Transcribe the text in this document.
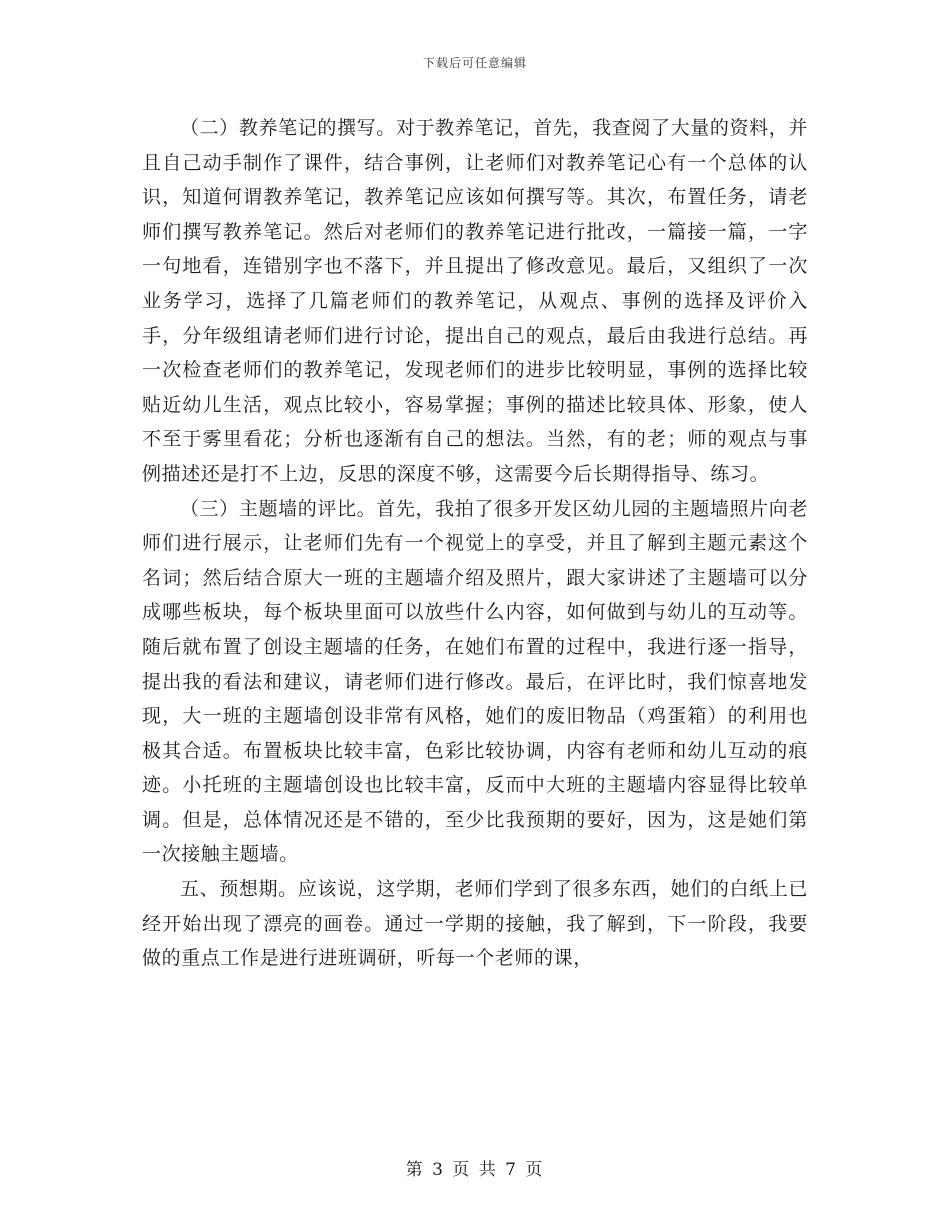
下载后可任意编辑

（二）教养笔记的撰写。对于教养笔记，首先，我查阅了大量的资料，并且自己动手制作了课件，结合事例，让老师们对教养笔记心有一个总体的认识，知道何谓教养笔记，教养笔记应该如何撰写等。其次，布置任务，请老师们撰写教养笔记。然后对老师们的教养笔记进行批改，一篇接一篇，一字一句地看，连错别字也不落下，并且提出了修改意见。最后，又组织了一次业务学习，选择了几篇老师们的教养笔记，从观点、事例的选择及评价入手，分年级组请老师们进行讨论，提出自己的观点，最后由我进行总结。再一次检查老师们的教养笔记，发现老师们的进步比较明显，事例的选择比较贴近幼儿生活，观点比较小，容易掌握；事例的描述比较具体、形象，使人不至于雾里看花；分析也逐渐有自己的想法。当然，有的老；师的观点与事例描述还是打不上边，反思的深度不够，这需要今后长期得指导、练习。

（三）主题墙的评比。首先，我拍了很多开发区幼儿园的主题墙照片向老师们进行展示，让老师们先有一个视觉上的享受，并且了解到主题元素这个名词；然后结合原大一班的主题墙介绍及照片，跟大家讲述了主题墙可以分成哪些板块，每个板块里面可以放些什么内容，如何做到与幼儿的互动等。随后就布置了创设主题墙的任务，在她们布置的过程中，我进行逐一指导，提出我的看法和建议，请老师们进行修改。最后，在评比时，我们惊喜地发现，大一班的主题墙创设非常有风格，她们的废旧物品（鸡蛋箱）的利用也极其合适。布置板块比较丰富，色彩比较协调，内容有老师和幼儿互动的痕迹。小托班的主题墙创设也比较丰富，反而中大班的主题墙内容显得比较单调。但是，总体情况还是不错的，至少比我预期的要好，因为，这是她们第一次接触主题墙。

五、预想期。应该说，这学期，老师们学到了很多东西，她们的白纸上已经开始出现了漂亮的画卷。通过一学期的接触，我了解到，下一阶段，我要做的重点工作是进行进班调研，听每一个老师的课，

第 3 页 共 7 页
